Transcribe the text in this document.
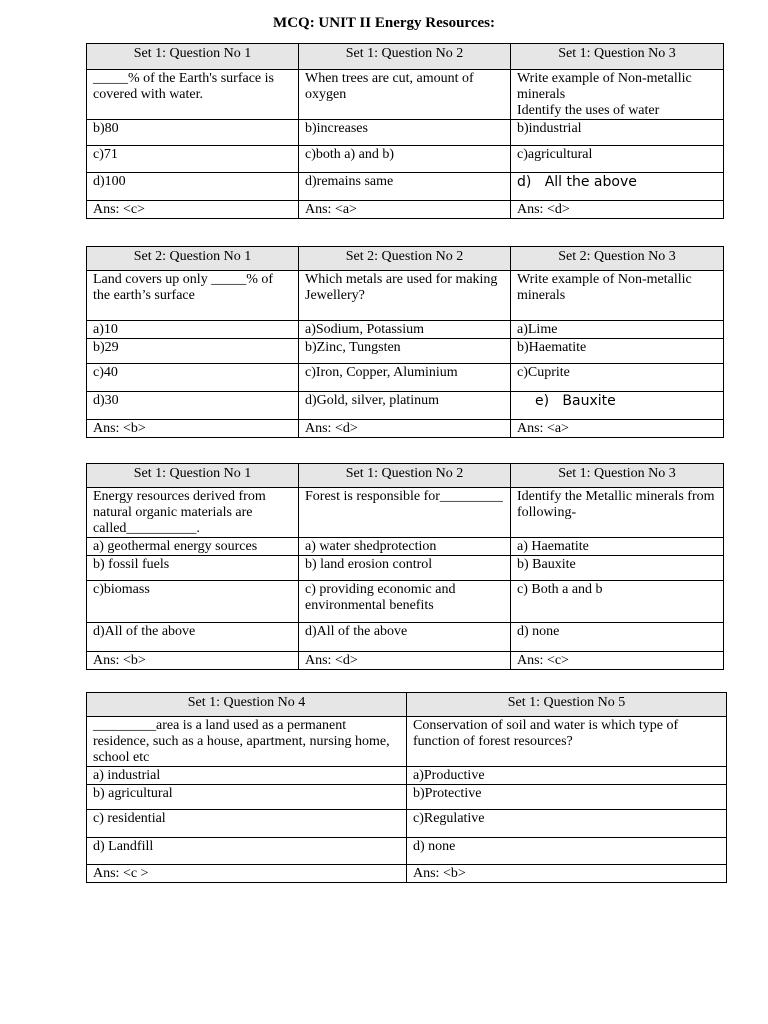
MCQ: UNIT II Energy Resources:
Set 1: Question No 1	Set 1: Question No 2	Set 1: Question No 3
_____% of the Earth's surface is covered with water.	When trees are cut, amount of oxygen	Write example of Non-metallic minerals
Identify the uses of water
b)80	b)increases	b)industrial
c)71	c)both a) and b)	c)agricultural
d)100	d)remains same	d)   All the above
Ans: <c>	Ans: <a>	Ans: <d>
Set 2: Question No 1	Set 2: Question No 2	Set 2: Question No 3
Land covers up only _____% of the earth’s surface	Which metals are used for making Jewellery?	Write example of Non-metallic minerals
a)10	a)Sodium, Potassium	a)Lime
b)29	b)Zinc, Tungsten	b)Haematite
c)40	c)Iron, Copper, Aluminium	c)Cuprite
d)30	d)Gold, silver, platinum	e)   Bauxite
Ans: <b>	Ans: <d>	Ans: <a>
Set 1: Question No 1	Set 1: Question No 2	Set 1: Question No 3
Energy resources derived from natural organic materials are called__________.	Forest is responsible for_________	Identify the Metallic minerals from following-
a) geothermal energy sources	a) water shedprotection	a) Haematite
b) fossil fuels	b) land erosion control	b) Bauxite
c)biomass	c) providing economic and environmental benefits	c) Both a and b
d)All of the above	d)All of the above	d) none
Ans: <b>	Ans: <d>	Ans: <c>
Set 1: Question No 4	Set 1: Question No 5
_________area is a land used as a permanent residence, such as a house, apartment, nursing home, school etc	Conservation of soil and water is which type of function of forest resources?
a) industrial	a)Productive
b) agricultural	b)Protective
c) residential	c)Regulative
d) Landfill	d) none
Ans: <c >	Ans: <b>
